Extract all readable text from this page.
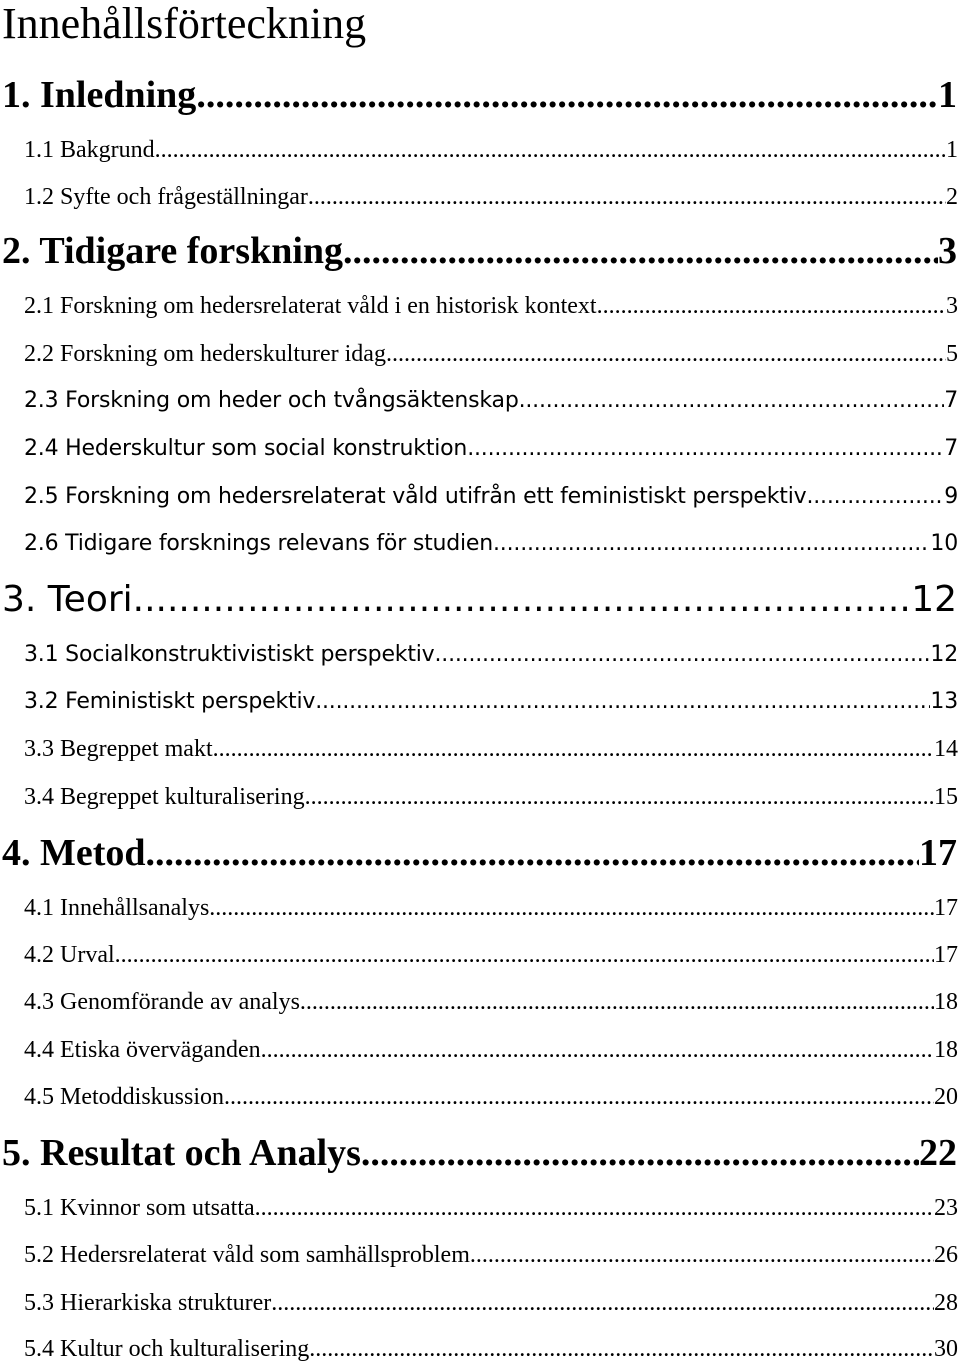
Innehållsförteckning
1. Inledning .....	1
1.1 Bakgrund .....	1
1.2 Syfte och frågeställningar .....	2
2. Tidigare forskning .....	3
2.1 Forskning om hedersrelaterat våld i en historisk kontext .....	3
2.2 Forskning om hederskulturer idag .....	5
2.3 Forskning om heder och tvångsäktenskap .....	7
2.4 Hederskultur som social konstruktion .....	7
2.5 Forskning om hedersrelaterat våld utifrån ett feministiskt perspektiv .....	9
2.6 Tidigare forsknings relevans för studien .....	10
3. Teori .....	12
3.1 Socialkonstruktivistiskt perspektiv .....	12
3.2 Feministiskt perspektiv .....	13
3.3 Begreppet makt .....	14
3.4 Begreppet kulturalisering .....	15
4. Metod .....	17
4.1 Innehållsanalys .....	17
4.2 Urval .....	17
4.3 Genomförande av analys .....	18
4.4 Etiska överväganden .....	18
4.5 Metoddiskussion .....	20
5. Resultat och Analys .....	22
5.1 Kvinnor som utsatta .....	23
5.2 Hedersrelaterat våld som samhällsproblem .....	26
5.3 Hierarkiska strukturer .....	28
5.4 Kultur och kulturalisering .....	30
